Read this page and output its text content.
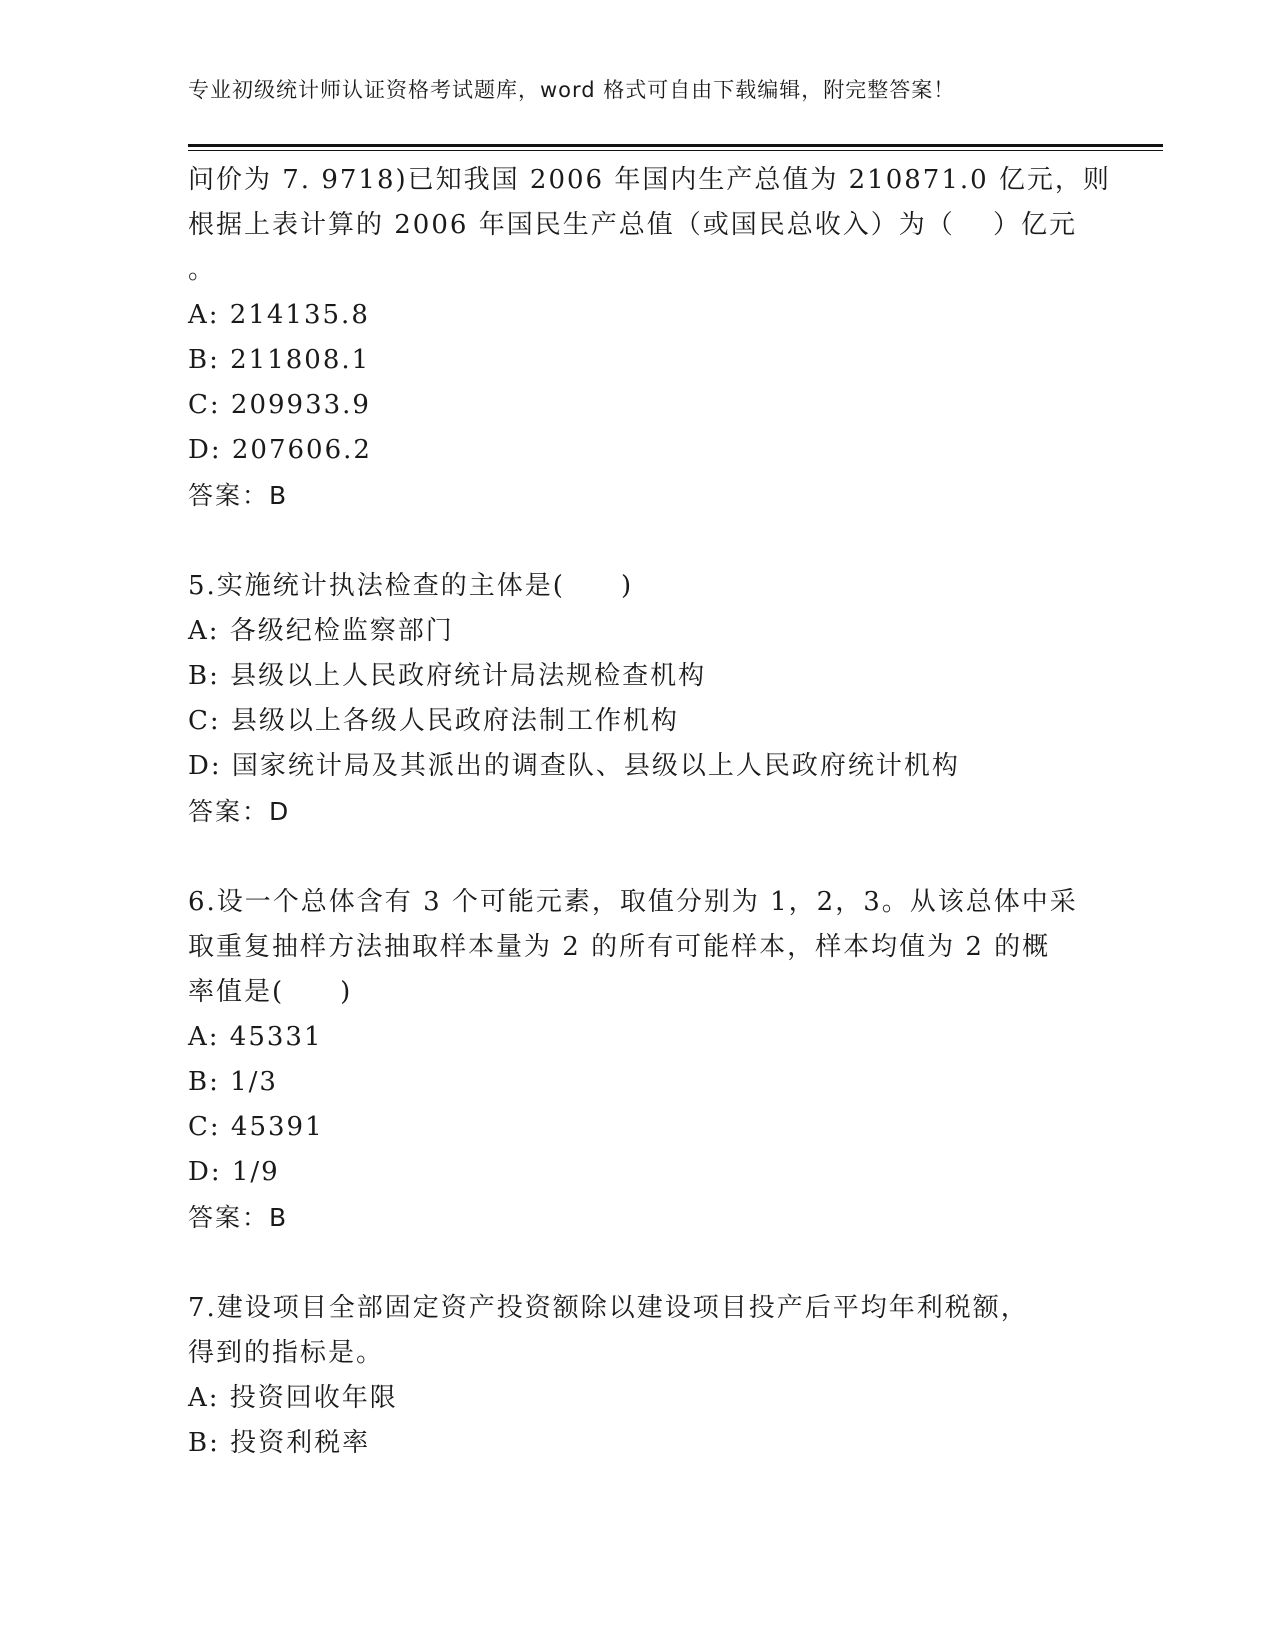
专业初级统计师认证资格考试题库，word 格式可自由下载编辑，附完整答案！
问价为 7. 9718)已知我国 2006 年国内生产总值为 210871.0 亿元，则
根据上表计算的 2006 年国民生产总值（或国民总收入）为（　 ）亿元
。
A: 214135.8
B: 211808.1
C: 209933.9
D: 207606.2
答案：B
5.实施统计执法检查的主体是(　　)
A: 各级纪检监察部门
B: 县级以上人民政府统计局法规检查机构
C: 县级以上各级人民政府法制工作机构
D: 国家统计局及其派出的调查队、县级以上人民政府统计机构
答案：D
6.设一个总体含有 3 个可能元素，取值分别为 1，2，3。从该总体中采
取重复抽样方法抽取样本量为 2 的所有可能样本，样本均值为 2 的概
率值是(　　)
A: 45331
B: 1/3
C: 45391
D: 1/9
答案：B
7.建设项目全部固定资产投资额除以建设项目投产后平均年利税额，
得到的指标是。
A: 投资回收年限
B: 投资利税率
